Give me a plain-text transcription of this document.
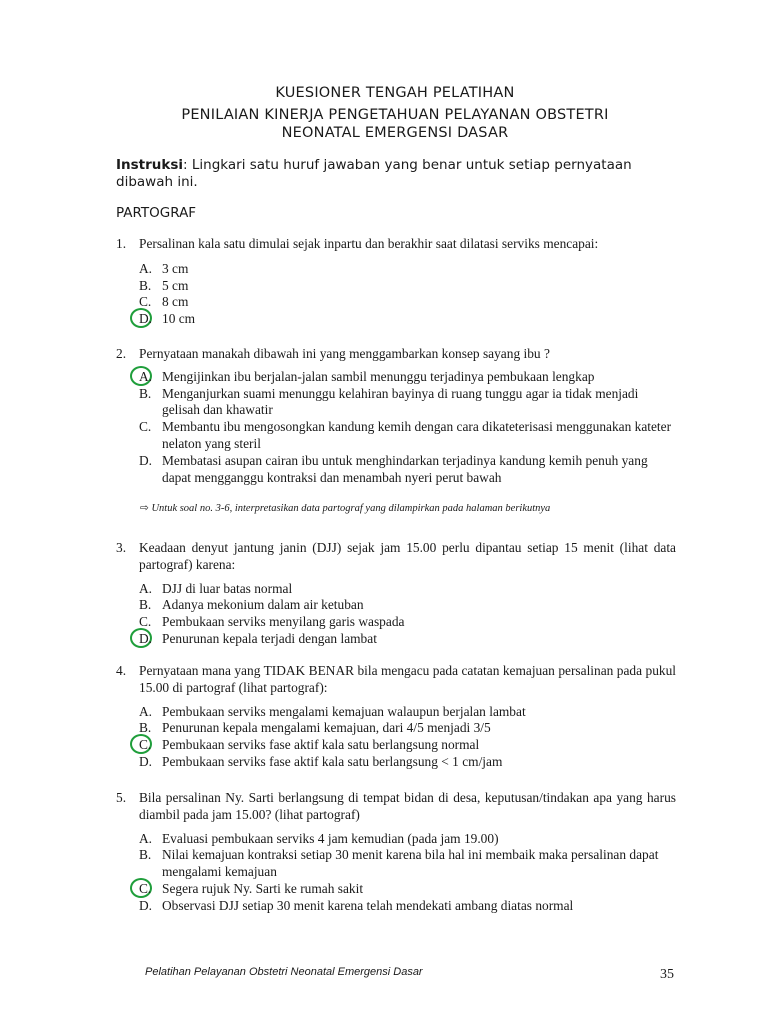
KUESIONER TENGAH PELATIHAN
PENILAIAN KINERJA PENGETAHUAN PELAYANAN OBSTETRI
NEONATAL EMERGENSI DASAR
Instruksi: Lingkari satu huruf jawaban yang benar untuk setiap pernyataan dibawah ini.
PARTOGRAF
1. Persalinan kala satu dimulai sejak inpartu dan berakhir saat dilatasi serviks mencapai:
A. 3 cm
B. 5 cm
C. 8 cm
D. 10 cm
2. Pernyataan manakah dibawah ini yang menggambarkan konsep sayang ibu ?
A. Mengijinkan ibu berjalan-jalan sambil menunggu terjadinya pembukaan lengkap
B. Menganjurkan suami menunggu kelahiran bayinya di ruang tunggu agar ia tidak menjadi gelisah dan khawatir
C. Membantu ibu mengosongkan kandung kemih dengan cara dikateterisasi menggunakan kateter nelaton yang steril
D. Membatasi asupan cairan ibu untuk menghindarkan terjadinya kandung kemih penuh yang dapat mengganggu kontraksi dan menambah nyeri perut bawah
⇨ Untuk soal no. 3-6, interpretasikan data partograf yang dilampirkan pada halaman berikutnya
3. Keadaan denyut jantung janin (DJJ) sejak jam 15.00 perlu dipantau setiap 15 menit (lihat data partograf) karena:
A. DJJ di luar batas normal
B. Adanya mekonium dalam air ketuban
C. Pembukaan serviks menyilang garis waspada
D. Penurunan kepala terjadi dengan lambat
4. Pernyataan mana yang TIDAK BENAR bila mengacu pada catatan kemajuan persalinan pada pukul 15.00 di partograf (lihat partograf):
A. Pembukaan serviks mengalami kemajuan walaupun berjalan lambat
B. Penurunan kepala mengalami kemajuan, dari 4/5 menjadi 3/5
C. Pembukaan serviks fase aktif kala satu berlangsung normal
D. Pembukaan serviks fase aktif kala satu berlangsung < 1 cm/jam
5. Bila persalinan Ny. Sarti berlangsung di tempat bidan di desa, keputusan/tindakan apa yang harus diambil pada jam 15.00? (lihat partograf)
A. Evaluasi pembukaan serviks 4 jam kemudian (pada jam 19.00)
B. Nilai kemajuan kontraksi setiap 30 menit karena bila hal ini membaik maka persalinan dapat mengalami kemajuan
C. Segera rujuk Ny. Sarti ke rumah sakit
D. Observasi DJJ setiap 30 menit karena telah mendekati ambang diatas normal
Pelatihan Pelayanan Obstetri Neonatal Emergensi Dasar	35
